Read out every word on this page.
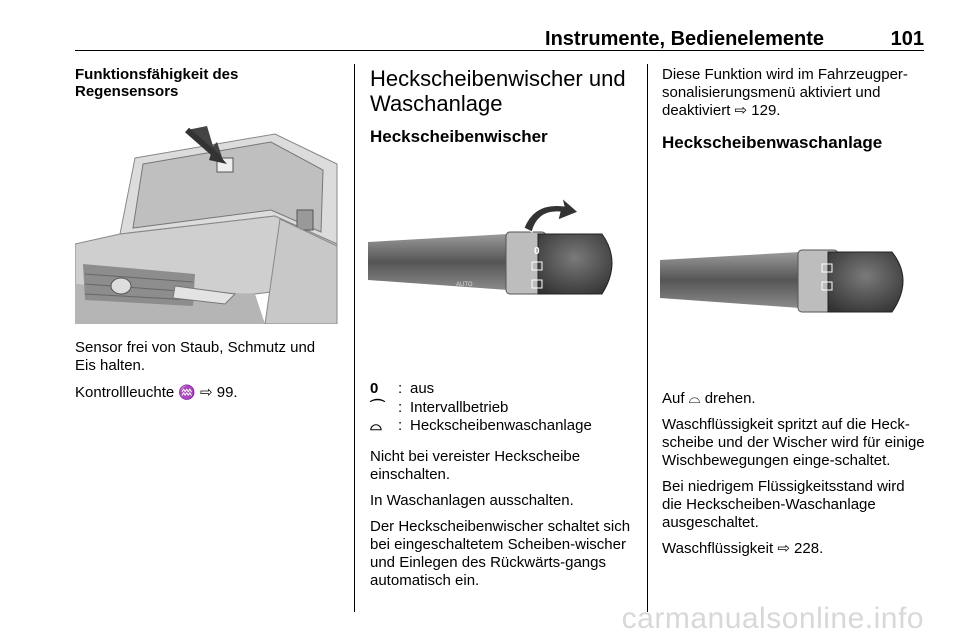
Instrumente, Bedienelemente	101
Funktionsfähigkeit des Regensensors

Sensor frei von Staub, Schmutz und Eis halten.

Kontrollleuchte ♒ ⇨ 99.

Heckscheibenwischer und Waschanlage
Heckscheibenwischer
0
AUTO
0	: aus
⌒ : Intervallbetrieb
⌓	: Heckscheibenwaschanlage

Nicht bei vereister Heckscheibe einschalten.

In Waschanlagen ausschalten.

Der Heckscheibenwischer schaltet sich bei eingeschaltetem Scheiben-wischer und Einlegen des Rückwärts-gangs automatisch ein.

Diese Funktion wird im Fahrzeugper-sonalisierungsmenü aktiviert und deaktiviert ⇨ 129.

Heckscheibenwaschanlage

Auf ⌓ drehen.

Waschflüssigkeit spritzt auf die Heck-scheibe und der Wischer wird für einige Wischbewegungen einge-schaltet.

Bei niedrigem Flüssigkeitsstand wird die Heckscheiben-Waschanlage ausgeschaltet.

Waschflüssigkeit ⇨ 228.

carmanualsonline.info
